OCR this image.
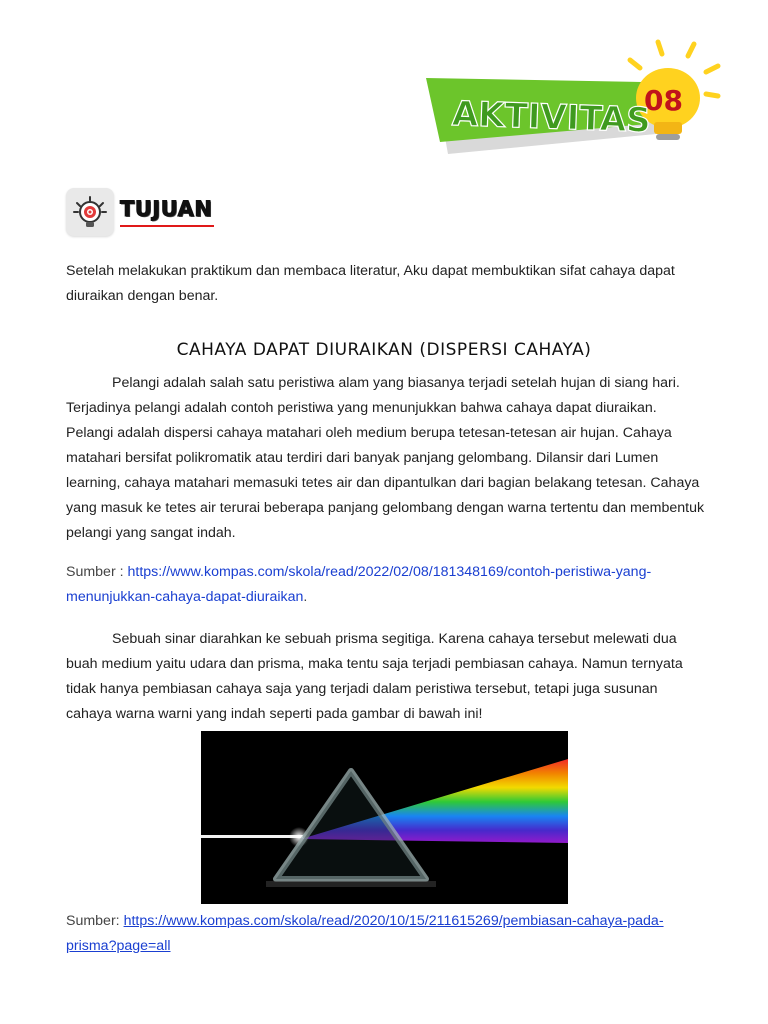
AKTIVITAS
08
TUJUAN
Setelah melakukan praktikum dan membaca literatur, Aku dapat membuktikan sifat cahaya dapat diuraikan dengan benar.
CAHAYA DAPAT DIURAIKAN (DISPERSI CAHAYA)
Pelangi adalah salah satu peristiwa alam yang biasanya terjadi setelah hujan di siang hari. Terjadinya pelangi adalah contoh peristiwa yang menunjukkan bahwa cahaya dapat diuraikan. Pelangi adalah dispersi cahaya matahari oleh medium berupa tetesan-tetesan air hujan. Cahaya matahari bersifat polikromatik atau terdiri dari banyak panjang gelombang. Dilansir dari Lumen learning, cahaya matahari memasuki tetes air dan dipantulkan dari bagian belakang tetesan. Cahaya yang masuk ke tetes air terurai beberapa panjang gelombang dengan warna tertentu dan membentuk pelangi yang sangat indah.
Sumber : https://www.kompas.com/skola/read/2022/02/08/181348169/contoh-peristiwa-yang-menunjukkan-cahaya-dapat-diuraikan.
Sebuah sinar diarahkan ke sebuah prisma segitiga. Karena cahaya tersebut melewati dua buah medium yaitu udara dan prisma, maka tentu saja terjadi pembiasan cahaya. Namun ternyata tidak hanya pembiasan cahaya saja yang terjadi dalam peristiwa tersebut, tetapi juga susunan cahaya warna warni yang indah seperti pada gambar di bawah ini!
Sumber: https://www.kompas.com/skola/read/2020/10/15/211615269/pembiasan-cahaya-pada-prisma?page=all
